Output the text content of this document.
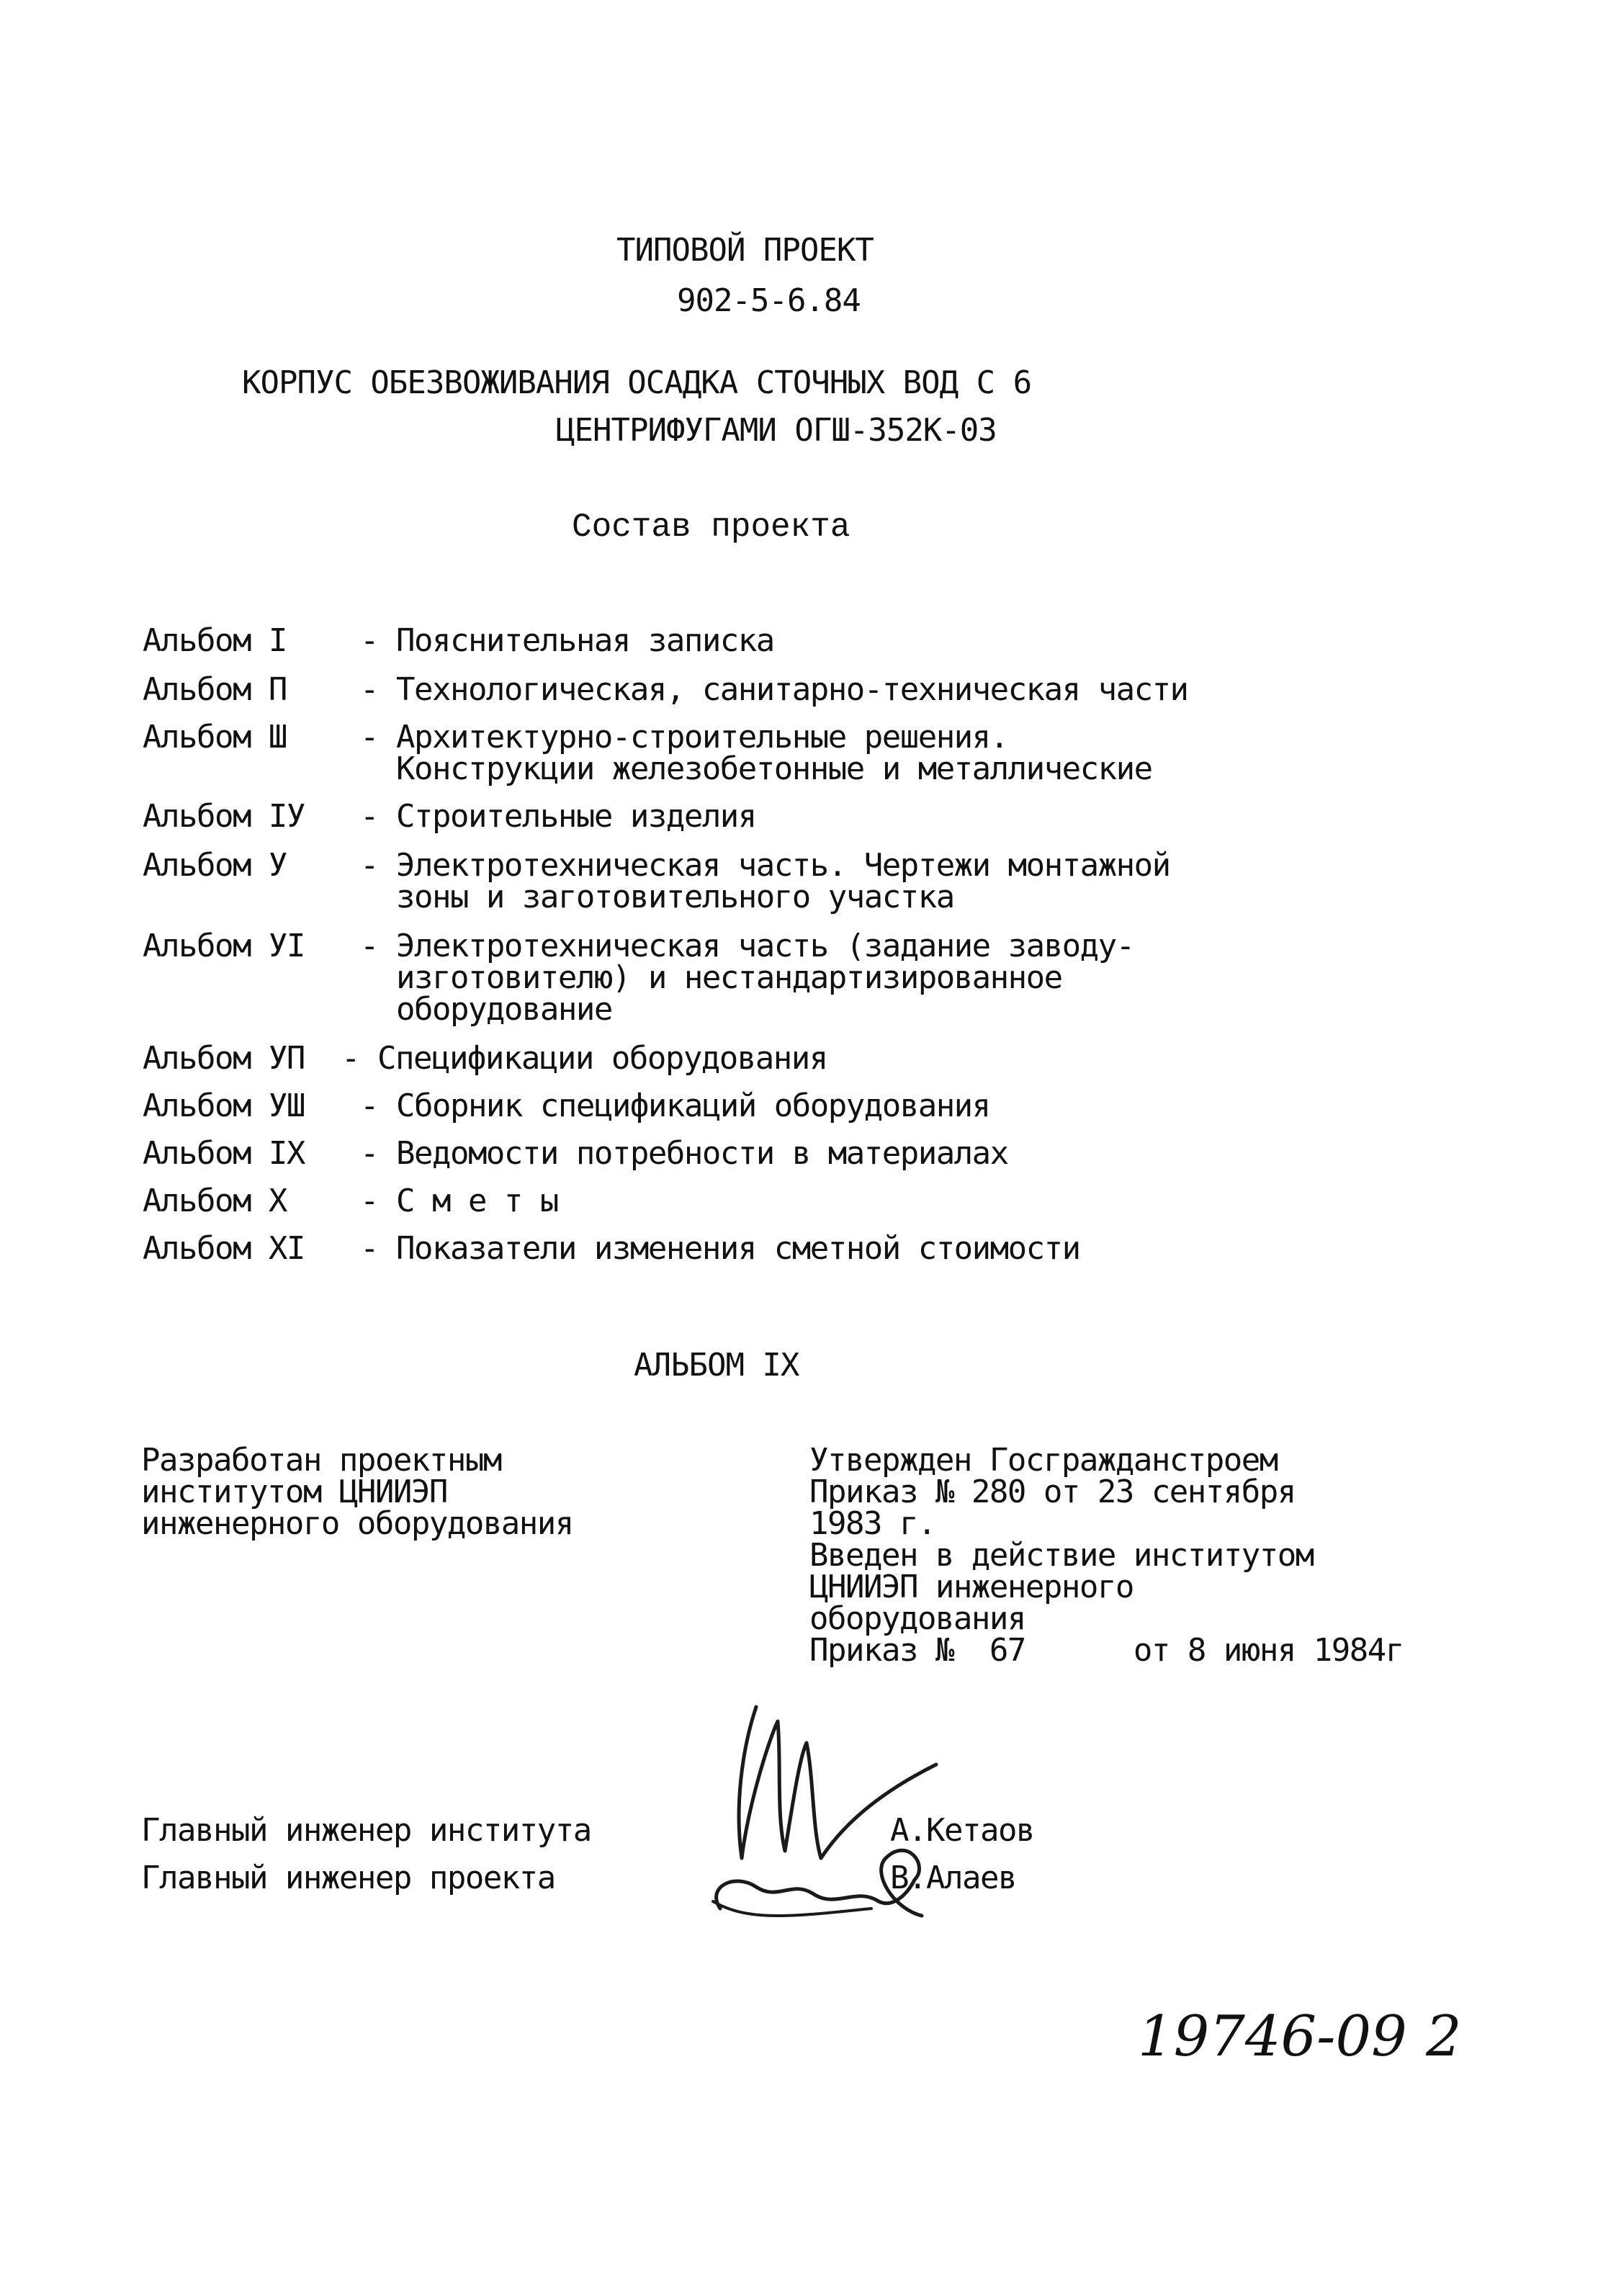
ТИПОВОЙ ПРОЕКТ
902-5-6.84
КОРПУС ОБЕЗВОЖИВАНИЯ ОСАДКА СТОЧНЫХ ВОД С 6
ЦЕНТРИФУГАМИ ОГШ-352К-03
Состав проекта
Альбом I - Пояснительная записка
Альбом П - Технологическая, санитарно-техническая части
Альбом Ш - Архитектурно-строительные решения.
Конструкции железобетонные и металлические
Альбом IУ - Строительные изделия
Альбом У - Электротехническая часть. Чертежи монтажной
зоны и заготовительного участка
Альбом УI - Электротехническая часть (задание заводу-
изготовителю) и нестандартизированное
оборудование
Альбом УП - Спецификации оборудования
Альбом УШ - Сборник спецификаций оборудования
Альбом IX - Ведомости потребности в материалах
Альбом X - С м е т ы
Альбом XI - Показатели изменения сметной стоимости
АЛЬБОМ IX
Разработан проектным
институтом ЦНИИЭП
инженерного оборудования
Утвержден Госгражданстроем
Приказ № 280 от 23 сентября
1983 г.
Введен в действие институтом
ЦНИИЭП инженерного
оборудования
Приказ №  67	от 8 июня 1984г
Главный инженер института	А.Кетаов
Главный инженер проекта	В.Алаев
19746-09 2
